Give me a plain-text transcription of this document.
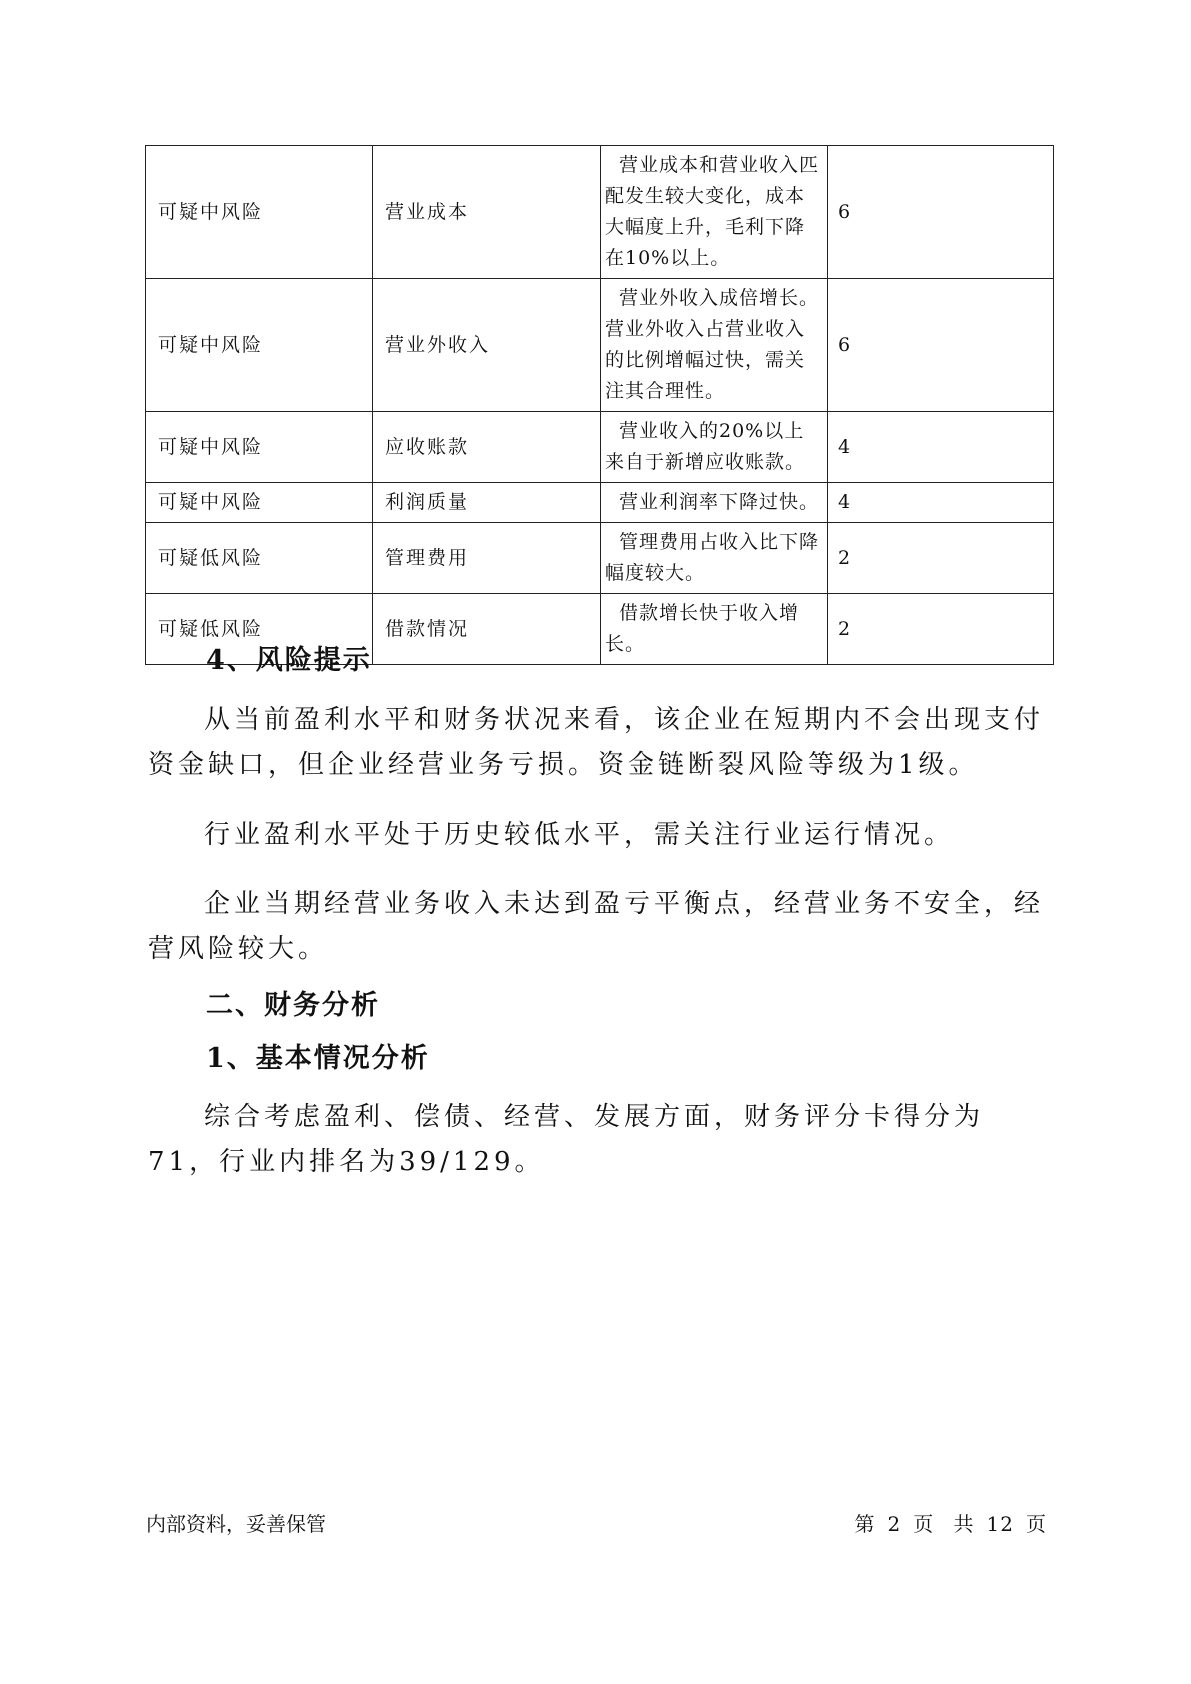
可疑中风险	营业成本	营业成本和营业收入匹配发生较大变化，成本大幅度上升，毛利下降在10%以上。	6
可疑中风险	营业外收入	营业外收入成倍增长。营业外收入占营业收入的比例增幅过快，需关注其合理性。	6
可疑中风险	应收账款	营业收入的20%以上来自于新增应收账款。	4
可疑中风险	利润质量	营业利润率下降过快。	4
可疑低风险	管理费用	管理费用占收入比下降幅度较大。	2
可疑低风险	借款情况	借款增长快于收入增长。	2
4、风险提示

从当前盈利水平和财务状况来看，该企业在短期内不会出现支付资金缺口，但企业经营业务亏损。资金链断裂风险等级为1级。

行业盈利水平处于历史较低水平，需关注行业运行情况。

企业当期经营业务收入未达到盈亏平衡点，经营业务不安全，经营风险较大。

二、财务分析
1、基本情况分析

综合考虑盈利、偿债、经营、发展方面，财务评分卡得分为71，行业内排名为39/129。

内部资料，妥善保管	第 2 页 共 12 页
